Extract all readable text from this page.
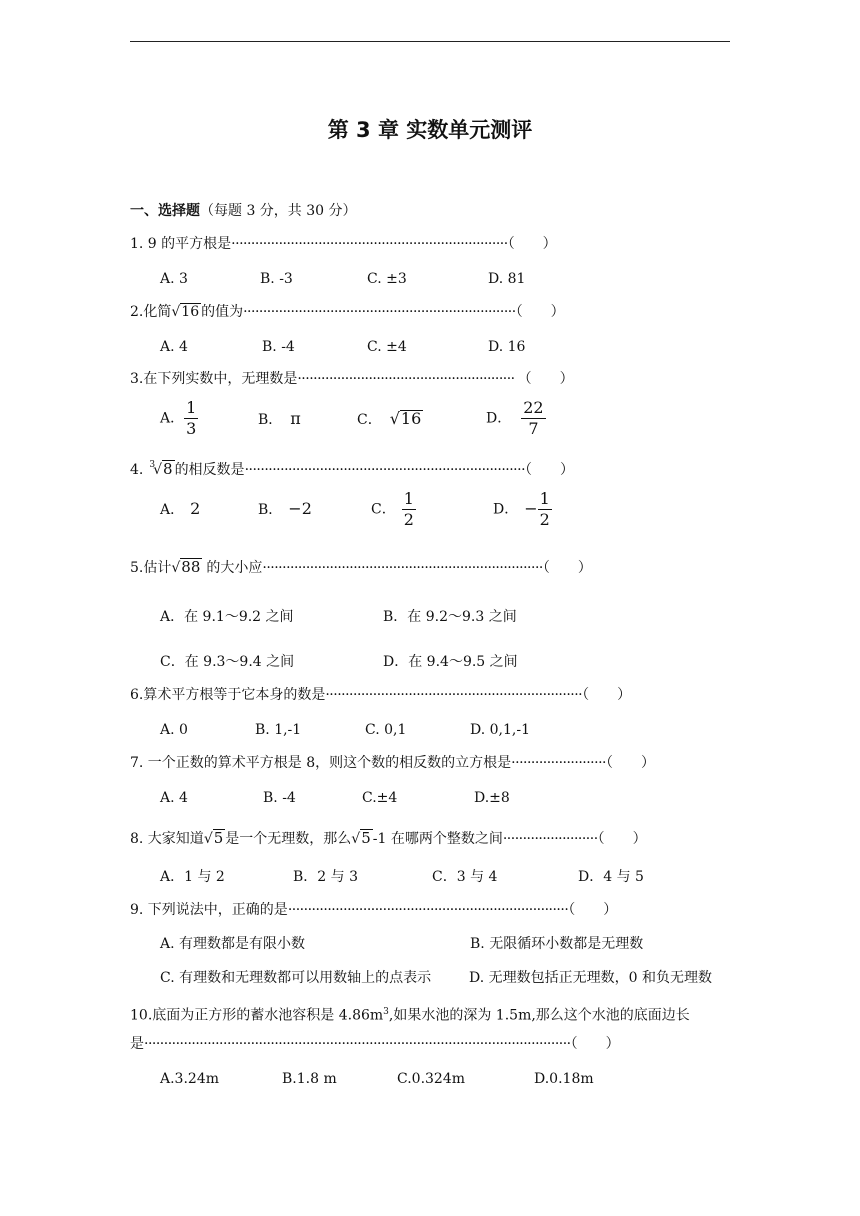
第 3 章 实数单元测评
一、选择题（每题 3 分，共 30 分）
1. 9 的平方根是······································································（　　）
A. 3	B. -3	C. ±3	D. 81
2.化简√16 的值为·····································································（　　）
A. 4	B. -4	C. ±4	D. 16
3.在下列实数中，无理数是······················································· （　　）
A． $\frac{1}{3}$	B． π	C． √16	D． $\frac{22}{7}$
4. $^3$√8 的相反数是·······································································（　　）
A． 2	B． −2	C． $\frac{1}{2}$	D． − $\frac{1}{2}$
5.估计√88 的大小应·······································································（　　）
A．在 9.1～9.2 之间	B．在 9.2～9.3 之间
C．在 9.3～9.4 之间	D．在 9.4～9.5 之间
6.算术平方根等于它本身的数是·································································（　　）
A. 0	B. 1,-1	C. 0,1	D. 0,1,-1
7. 一个正数的算术平方根是 8，则这个数的相反数的立方根是························（　　）
A. 4	B. -4	C.±4	D.±8
8. 大家知道√5 是一个无理数，那么√5 -1 在哪两个整数之间························（　　）
A．1 与 2	B．2 与 3	C．3 与 4	D．4 与 5
9. 下列说法中，正确的是·······································································（　　）
A. 有理数都是有限小数	B. 无限循环小数都是无理数
C. 有理数和无理数都可以用数轴上的点表示	D. 无理数包括正无理数，0 和负无理数
10.底面为正方形的蓄水池容积是 $4.86m^3$,如果水池的深为 1.5m,那么这个水池的底面边长
是············································································································（　　）
A.3.24m	B.1.8 m	C.0.324m	D.0.18m
